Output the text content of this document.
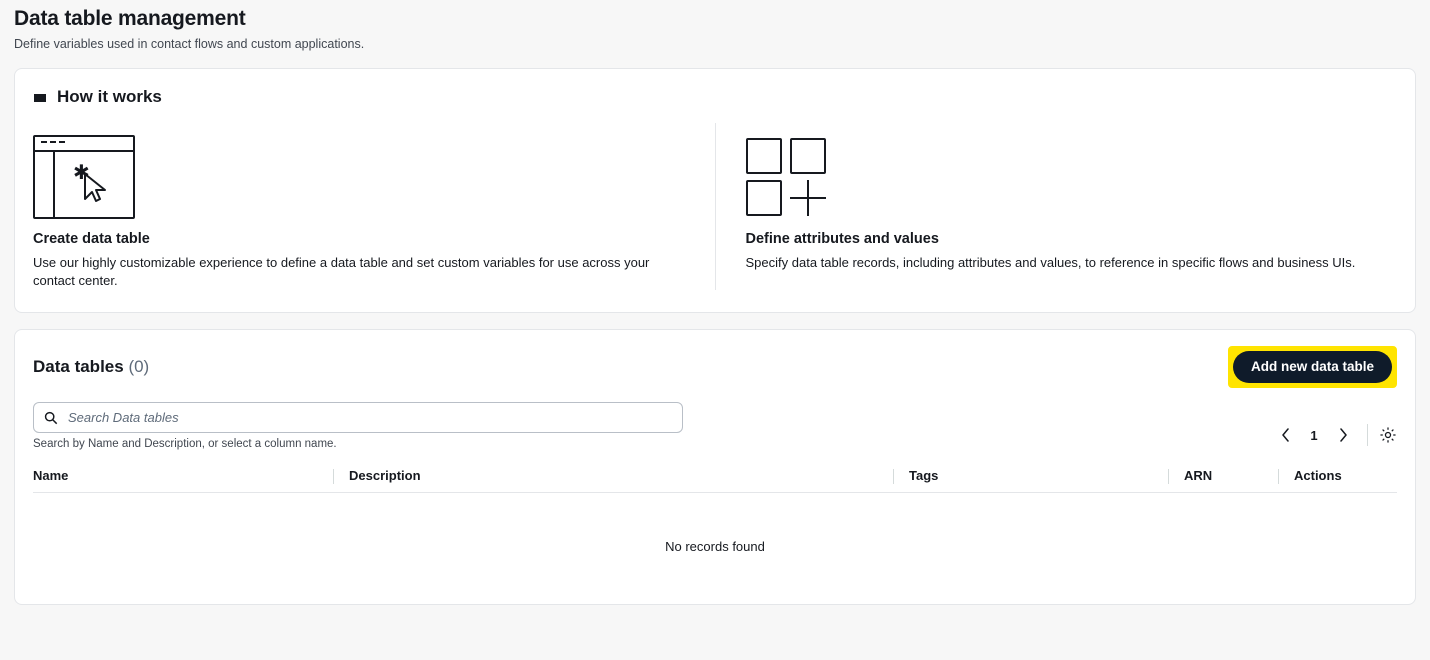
Data table management

Define variables used in contact flows and custom applications.

How it works
✱
Create data table
Use our highly customizable experience to define a data table and set custom variables for use across your contact center.
Define attributes and values
Specify data table records, including attributes and values, to reference in specific flows and business UIs.
Data tables (0)	Add new data table
Search Data tables
Search by Name and Description, or select a column name.
1
Name	Description	Tags	ARN	Actions
No records found
